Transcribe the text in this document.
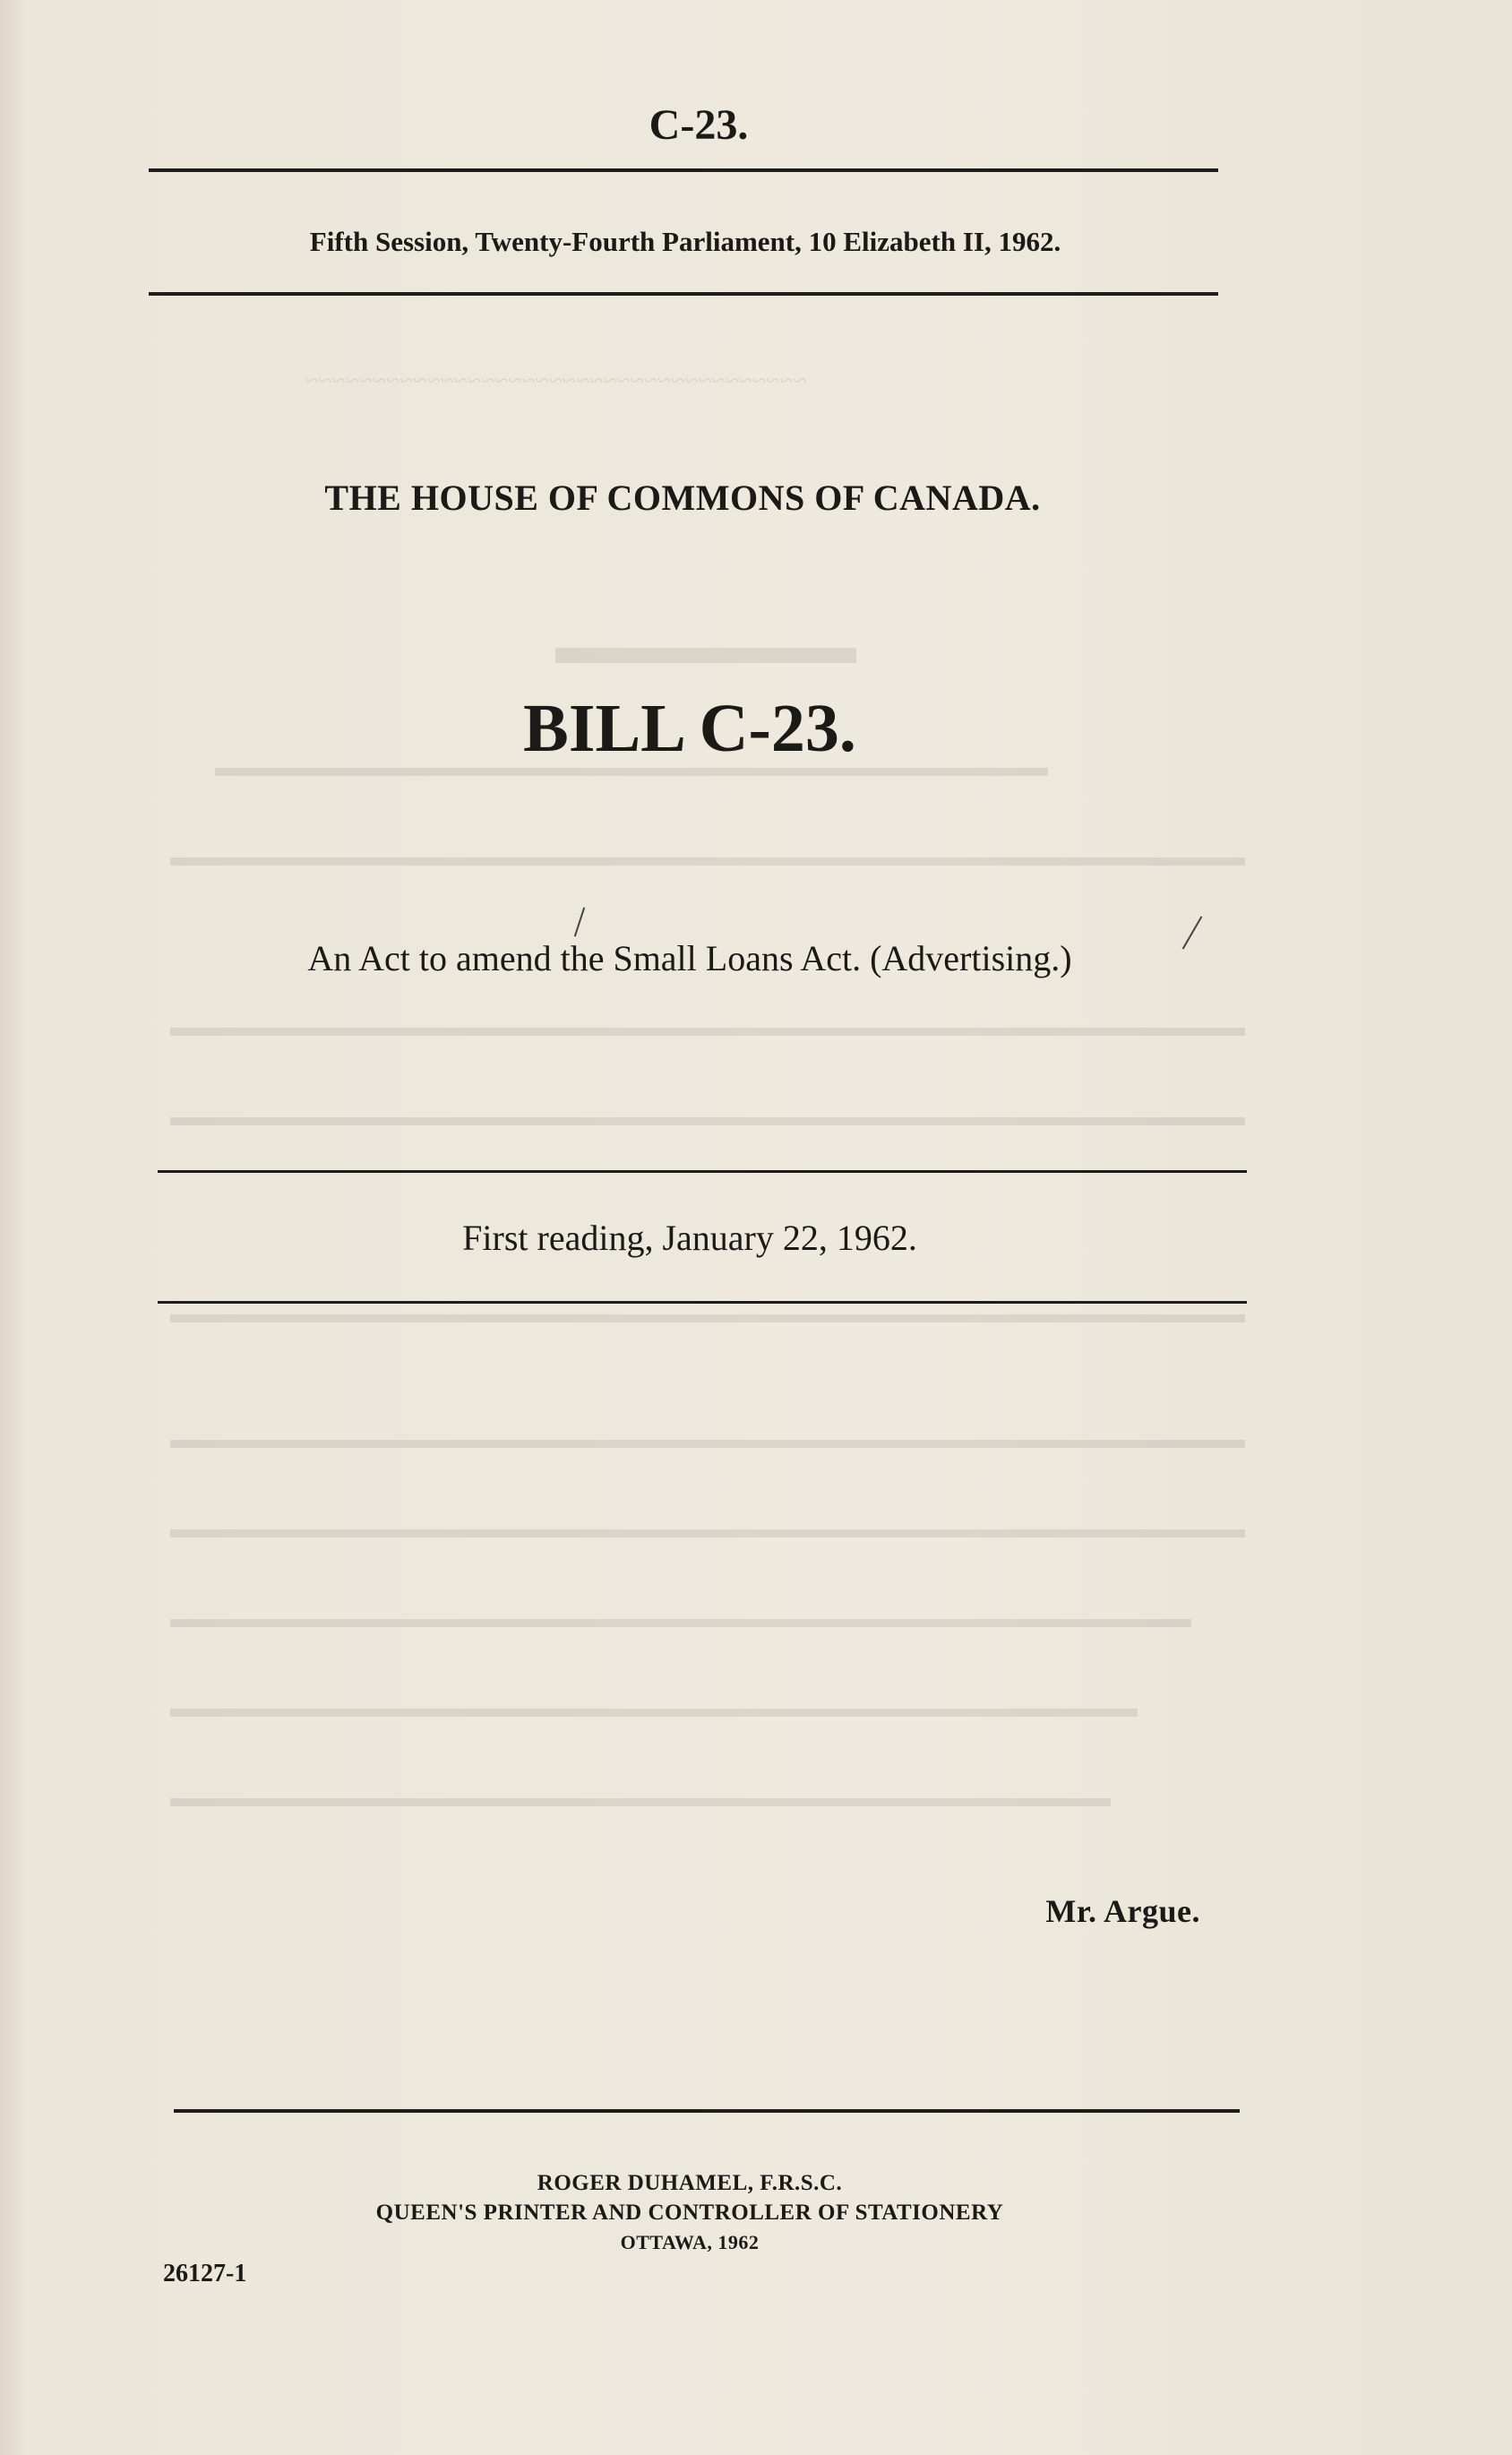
~~~~~~~~~~~~~~~~~~~~~~~~~~~~~~~~~~~~~
▬▬▬▬▬▬
▬▬▬▬▬▬▬▬▬▬▬▬▬▬▬▬▬▬▬▬▬▬▬▬▬▬▬▬▬▬▬
▬▬▬▬▬▬▬▬▬▬▬▬▬▬▬▬▬▬▬▬▬▬▬▬▬▬▬▬▬▬▬▬▬▬▬▬▬▬▬▬
▬▬▬▬▬▬▬▬▬▬▬▬▬▬▬▬▬▬▬▬▬▬▬▬▬▬▬▬▬▬▬▬▬▬▬▬▬▬▬▬
▬▬▬▬▬▬▬▬▬▬▬▬▬▬▬▬▬▬▬▬▬▬▬▬▬▬▬▬▬▬▬▬▬▬▬▬▬▬▬▬
▬▬▬▬▬▬▬▬▬▬▬▬▬▬▬▬▬▬▬▬▬▬▬▬▬▬▬▬▬▬▬▬▬▬▬▬▬▬▬▬
▬▬▬▬▬▬▬▬▬▬▬▬▬▬▬▬▬▬▬▬▬▬▬▬▬▬▬▬▬▬▬▬▬▬▬▬▬▬▬▬
▬▬▬▬▬▬▬▬▬▬▬▬▬▬▬▬▬▬▬▬▬▬▬▬▬▬▬▬▬▬▬▬▬▬▬▬▬▬▬▬
▬▬▬▬▬▬▬▬▬▬▬▬▬▬▬▬▬▬▬▬▬▬▬▬▬▬▬▬▬▬▬▬▬▬▬▬▬▬
▬▬▬▬▬▬▬▬▬▬▬▬▬▬▬▬▬▬▬▬▬▬▬▬▬▬▬▬▬▬▬▬▬▬▬▬
▬▬▬▬▬▬▬▬▬▬▬▬▬▬▬▬▬▬▬▬▬▬▬▬▬▬▬▬▬▬▬▬▬▬▬
C-23.
Fifth Session, Twenty-Fourth Parliament, 10 Elizabeth II, 1962.
THE HOUSE OF COMMONS OF CANADA.
BILL C-23.
An Act to amend the Small Loans Act. (Advertising.)
First reading, January 22, 1962.
Mr. Argue.
ROGER DUHAMEL, F.R.S.C.
QUEEN'S PRINTER AND CONTROLLER OF STATIONERY
OTTAWA, 1962
26127-1
